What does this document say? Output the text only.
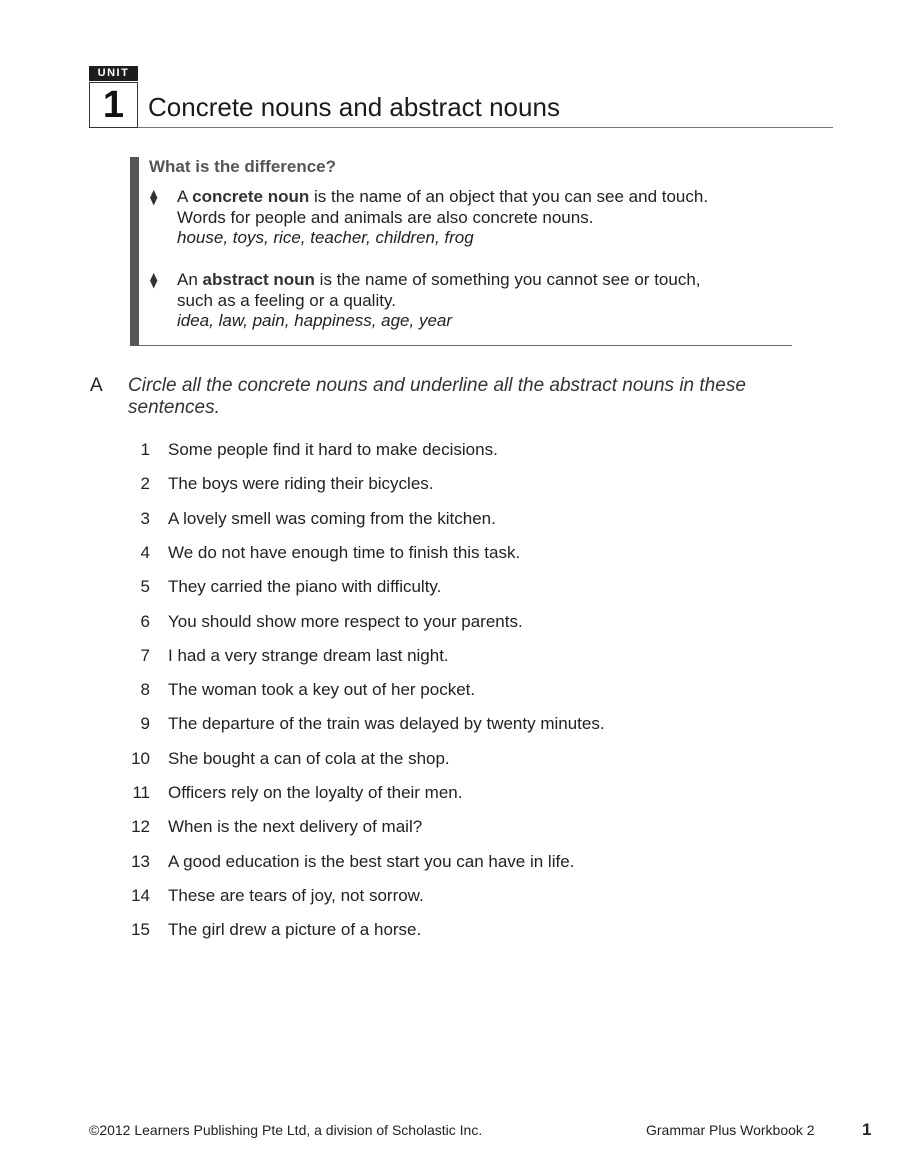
UNIT
1 Concrete nouns and abstract nouns
What is the difference?
⧫ A concrete noun is the name of an object that you can see and touch.
Words for people and animals are also concrete nouns.
house, toys, rice, teacher, children, frog
⧫ An abstract noun is the name of something you cannot see or touch,
such as a feeling or a quality.
idea, law, pain, happiness, age, year
A Circle all the concrete nouns and underline all the abstract nouns in these sentences.
1 Some people find it hard to make decisions.
2 The boys were riding their bicycles.
3 A lovely smell was coming from the kitchen.
4 We do not have enough time to finish this task.
5 They carried the piano with difficulty.
6 You should show more respect to your parents.
7 I had a very strange dream last night.
8 The woman took a key out of her pocket.
9 The departure of the train was delayed by twenty minutes.
10 She bought a can of cola at the shop.
11 Officers rely on the loyalty of their men.
12 When is the next delivery of mail?
13 A good education is the best start you can have in life.
14 These are tears of joy, not sorrow.
15 The girl drew a picture of a horse.
©2012 Learners Publishing Pte Ltd, a division of Scholastic Inc.	Grammar Plus Workbook 2	1
